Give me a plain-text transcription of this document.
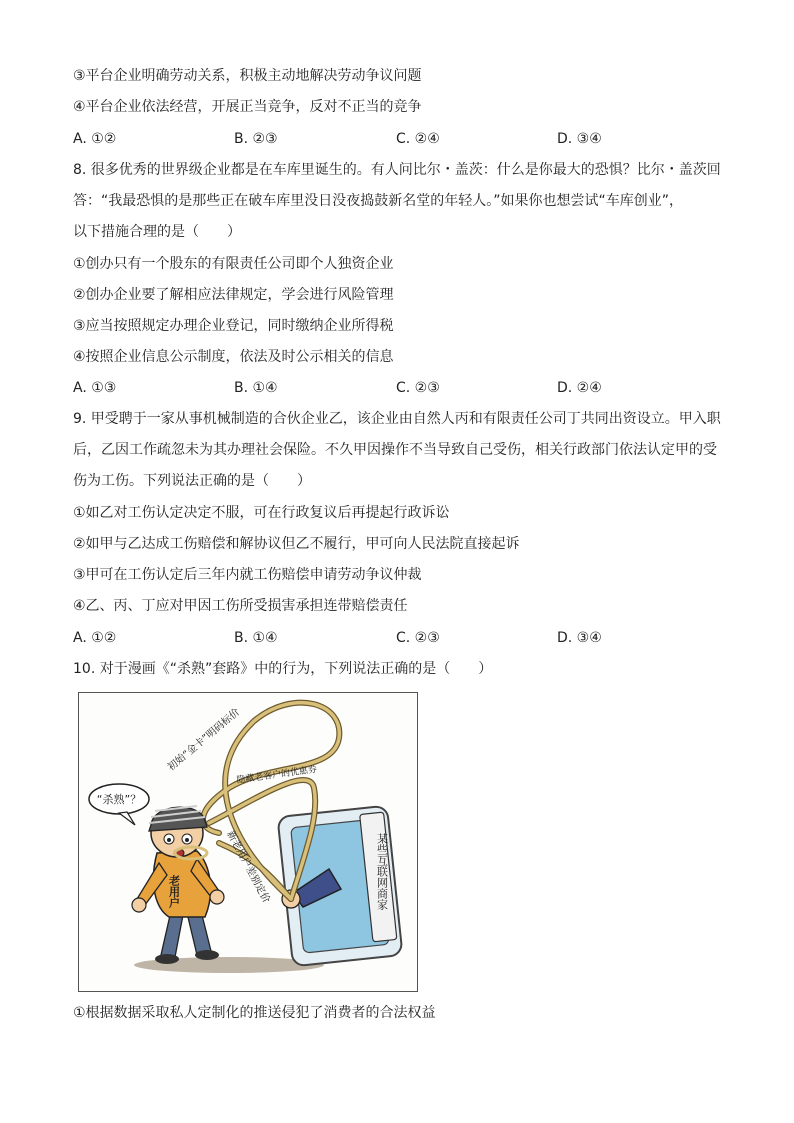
③平台企业明确劳动关系，积极主动地解决劳动争议问题
④平台企业依法经营，开展正当竞争，反对不正当的竞争
A. ①②	B. ②③	C. ②④	D. ③④
8. 很多优秀的世界级企业都是在车库里诞生的。有人问比尔・盖茨：什么是你最大的恐惧？比尔・盖茨回
答：“我最恐惧的是那些正在破车库里没日没夜捣鼓新名堂的年轻人。”如果你也想尝试“车库创业”，
以下措施合理的是（　　）
①创办只有一个股东的有限责任公司即个人独资企业
②创办企业要了解相应法律规定，学会进行风险管理
③应当按照规定办理企业登记，同时缴纳企业所得税
④按照企业信息公示制度，依法及时公示相关的信息
A. ①③	B. ①④	C. ②③	D. ②④
9. 甲受聘于一家从事机械制造的合伙企业乙，该企业由自然人丙和有限责任公司丁共同出资设立。甲入职
后，乙因工作疏忽未为其办理社会保险。不久甲因操作不当导致自己受伤，相关行政部门依法认定甲的受
伤为工伤。下列说法正确的是（　　）
①如乙对工伤认定决定不服，可在行政复议后再提起行政诉讼
②如甲与乙达成工伤赔偿和解协议但乙不履行，甲可向人民法院直接起诉
③甲可在工伤认定后三年内就工伤赔偿申请劳动争议仲裁
④乙、丙、丁应对甲因工伤所受损害承担连带赔偿责任
A. ①②	B. ①④	C. ②③	D. ③④
10. 对于漫画《“杀熟”套路》中的行为，下列说法正确的是（　　）
某些互联网商家
初始“金卡”明码标价
隐藏老客户的优惠券
新老用户差别定价
“杀熟”？
老用户
①根据数据采取私人定制化的推送侵犯了消费者的合法权益
